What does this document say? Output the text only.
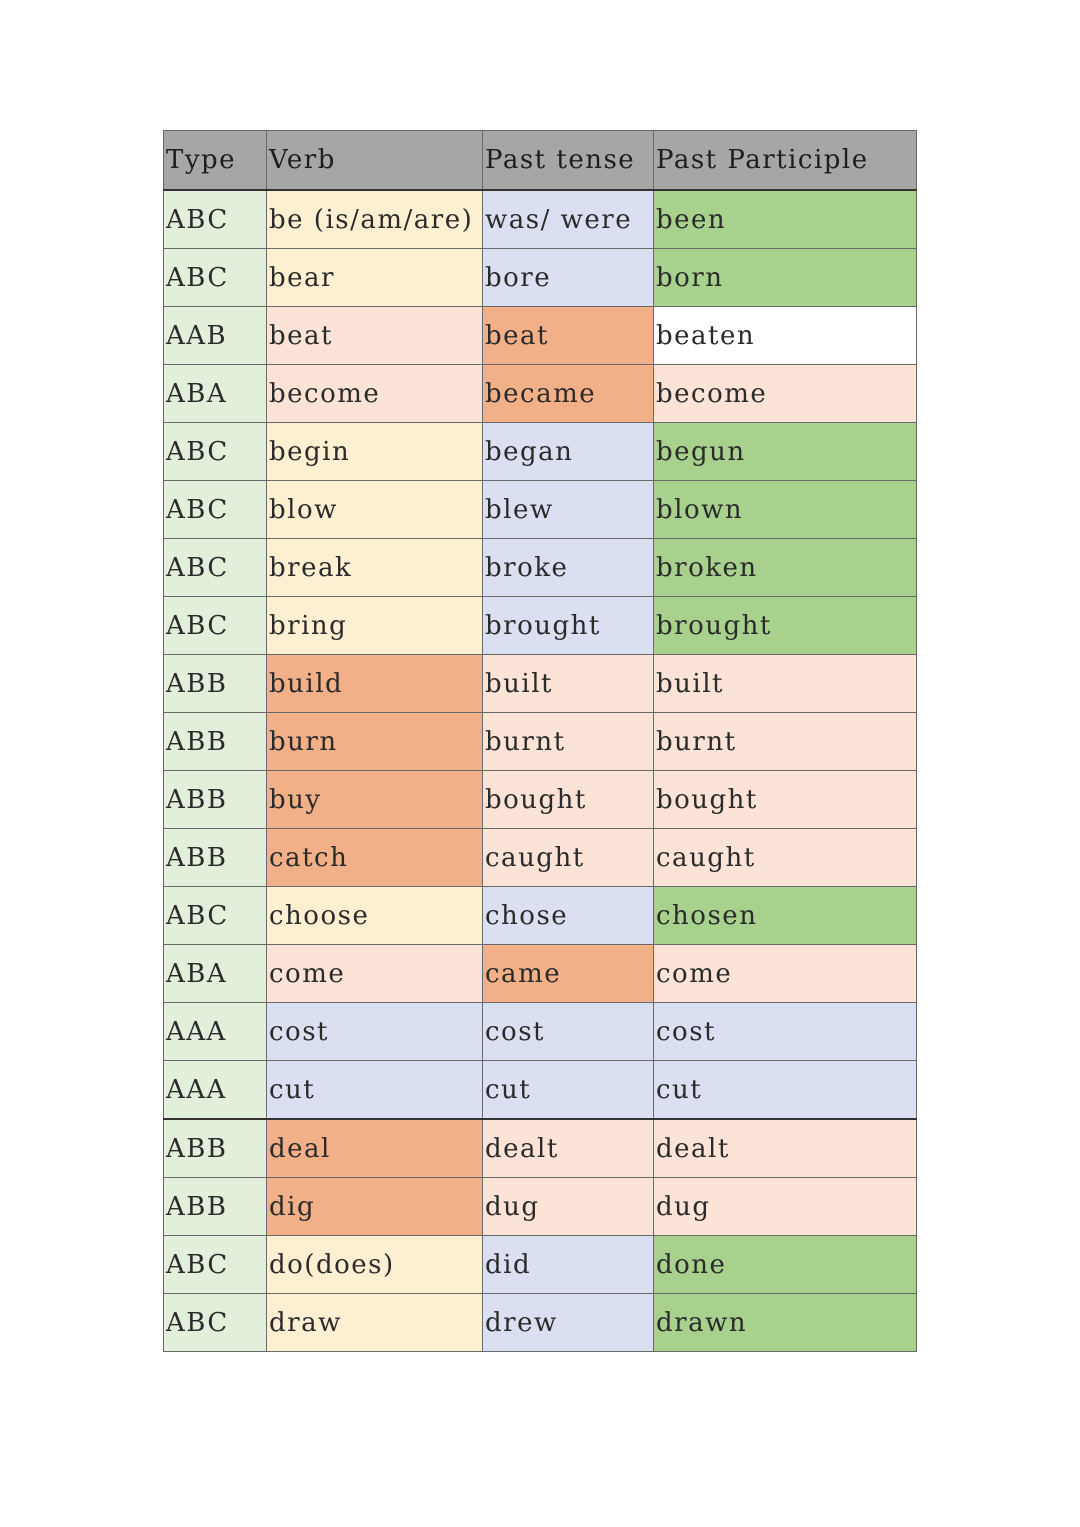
Type	Verb	Past tense	Past Participle
ABC	be (is/am/are)	was/ were	been
ABC	bear	bore	born
AAB	beat	beat	beaten
ABA	become	became	become
ABC	begin	began	begun
ABC	blow	blew	blown
ABC	break	broke	broken
ABC	bring	brought	brought
ABB	build	built	built
ABB	burn	burnt	burnt
ABB	buy	bought	bought
ABB	catch	caught	caught
ABC	choose	chose	chosen
ABA	come	came	come
AAA	cost	cost	cost
AAA	cut	cut	cut
ABB	deal	dealt	dealt
ABB	dig	dug	dug
ABC	do(does)	did	done
ABC	draw	drew	drawn
